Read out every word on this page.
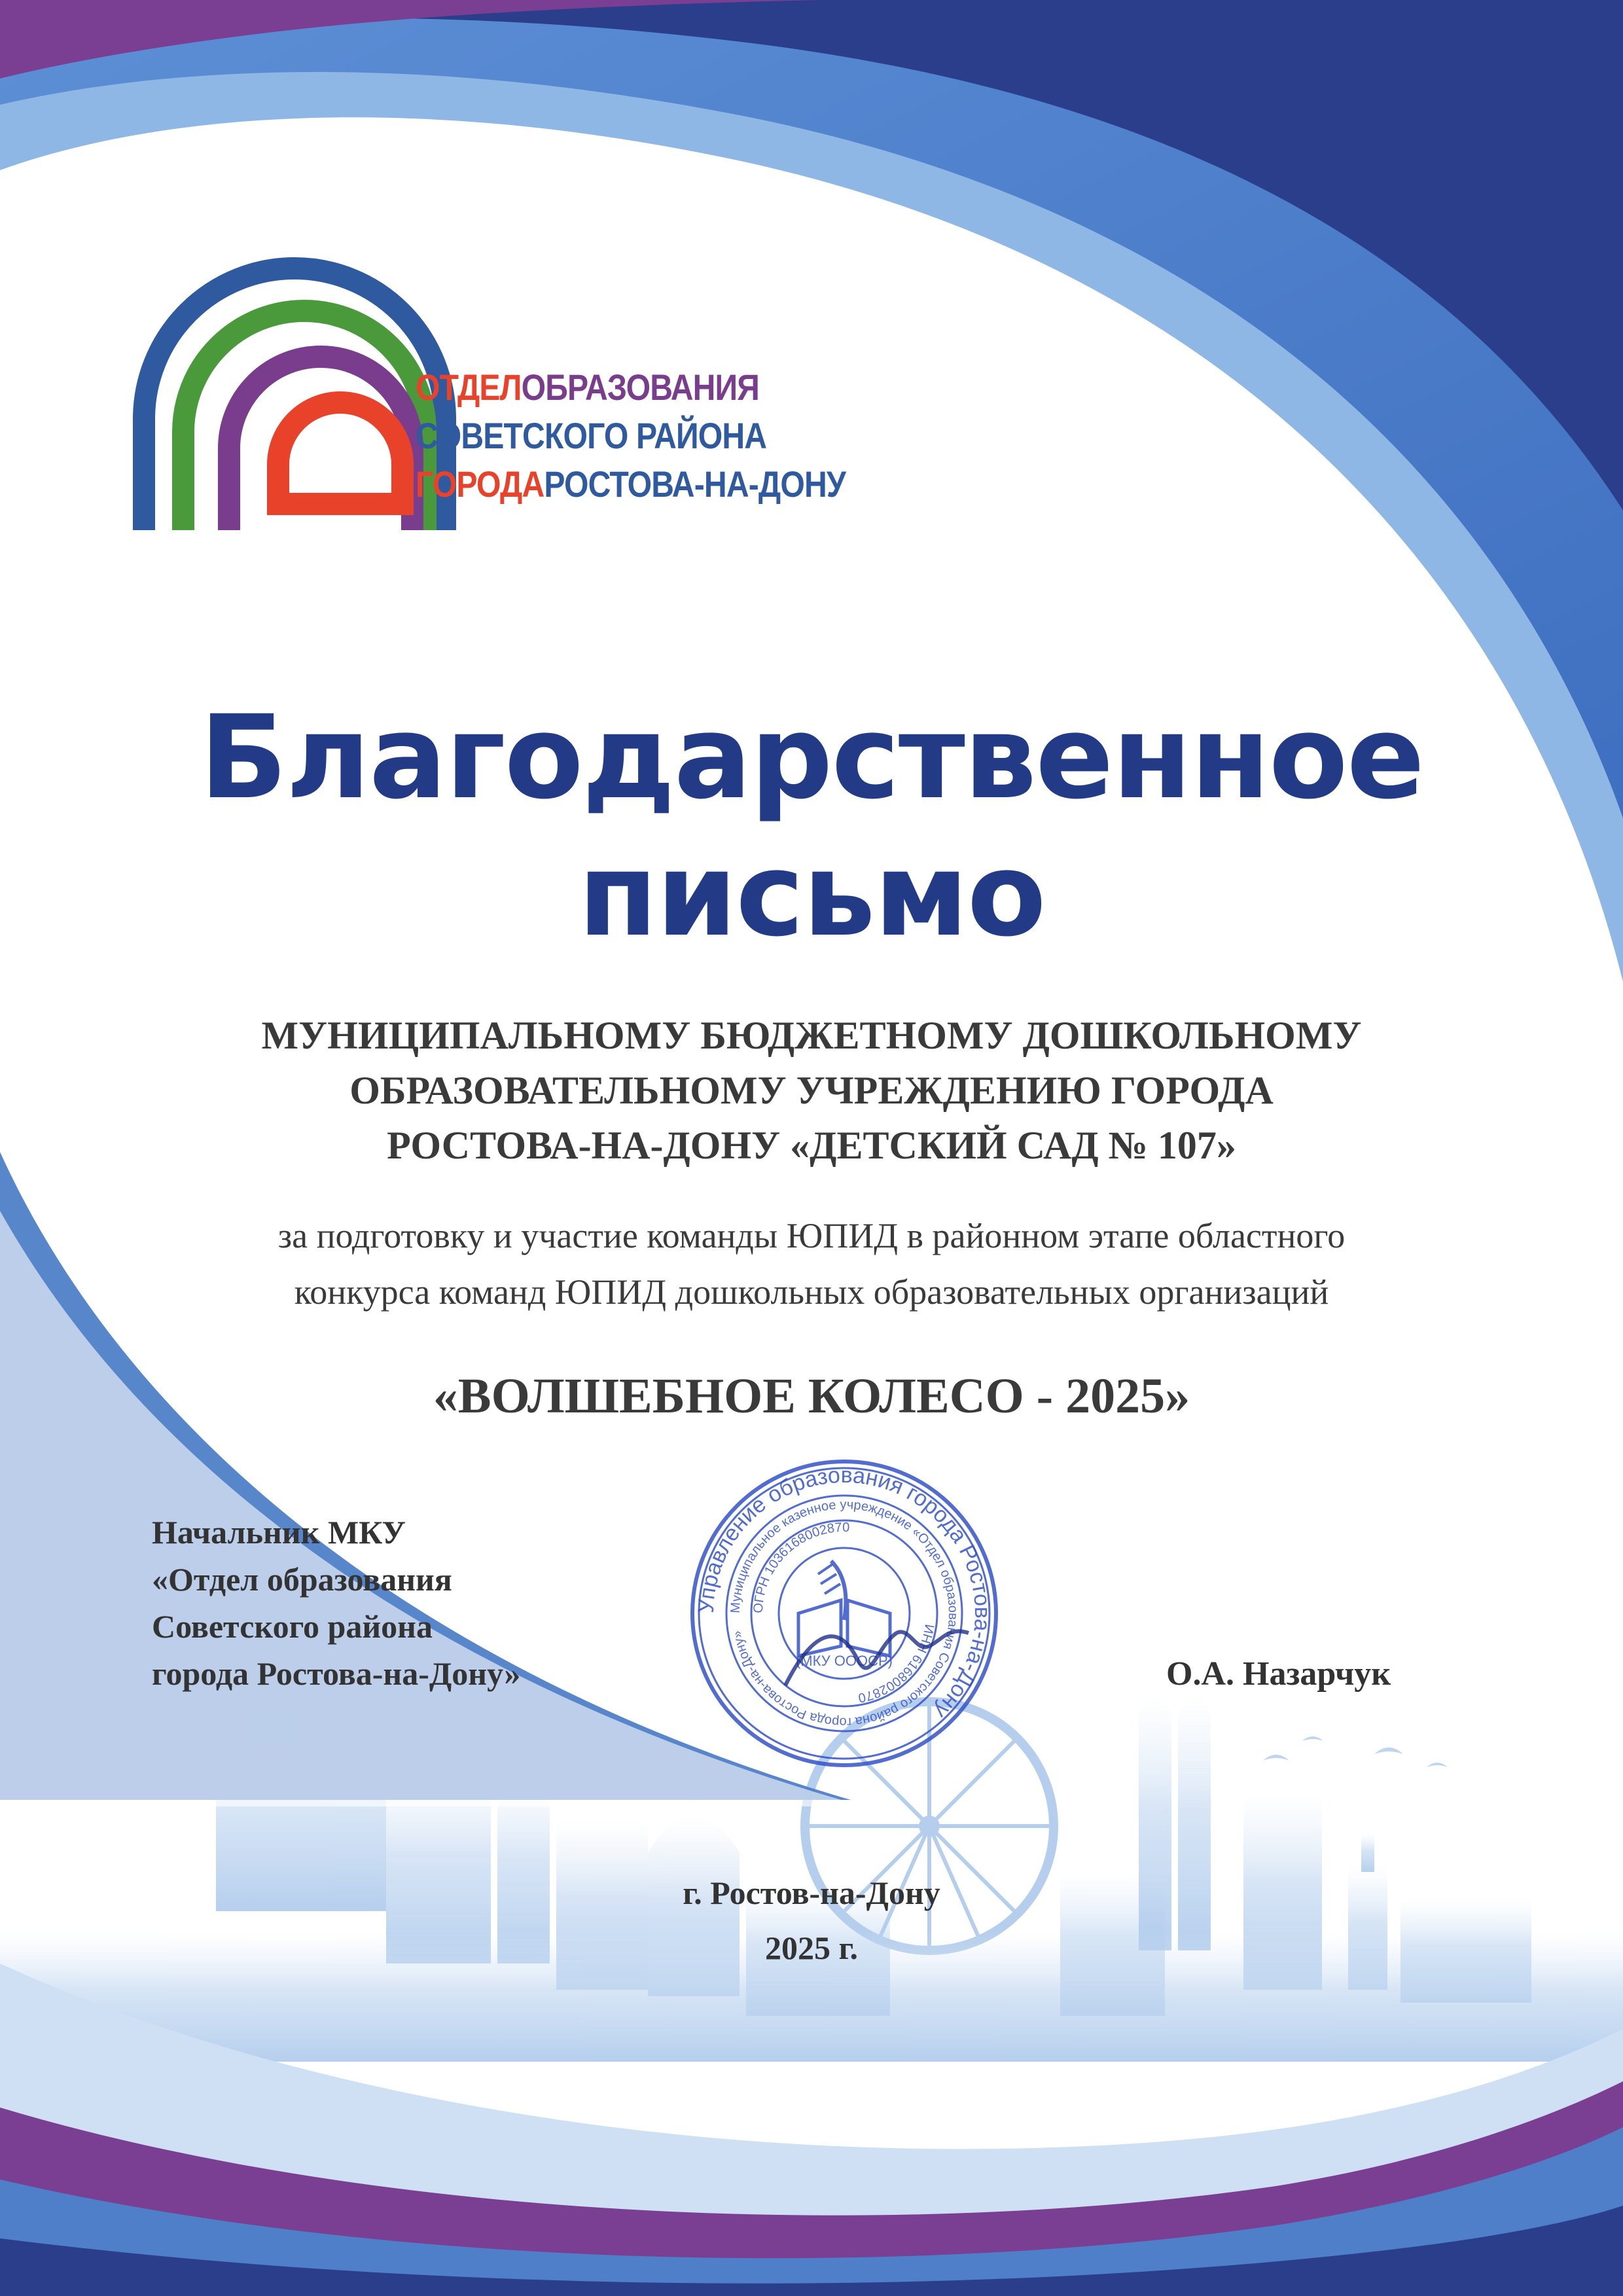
ОТДЕЛОБРАЗОВАНИЯ
СОВЕТСКОГО РАЙОНА
ГОРОДАРОСТОВА-НА-ДОНУ
Благодарственное
письмо
МУНИЦИПАЛЬНОМУ БЮДЖЕТНОМУ ДОШКОЛЬНОМУ
ОБРАЗОВАТЕЛЬНОМУ УЧРЕЖДЕНИЮ ГОРОДА
РОСТОВА-НА-ДОНУ «ДЕТСКИЙ САД № 107»
за подготовку и участие команды ЮПИД в районном этапе областного
конкурса команд ЮПИД дошкольных образовательных организаций
«ВОЛШЕБНОЕ КОЛЕСО - 2025»
Начальник МКУ
«Отдел образования
Советского района
города Ростова-на-Дону»
Управление образования города Ростова-на-Дону
Муниципальное казенное учреждение «Отдел образования Советского района города Ростова-на-Дону»
ОГРН 1036168002870
ИНН 6168002870
(МКУ ОООСР)	О.А. Назарчук
г. Ростов-на-Дону
2025 г.
